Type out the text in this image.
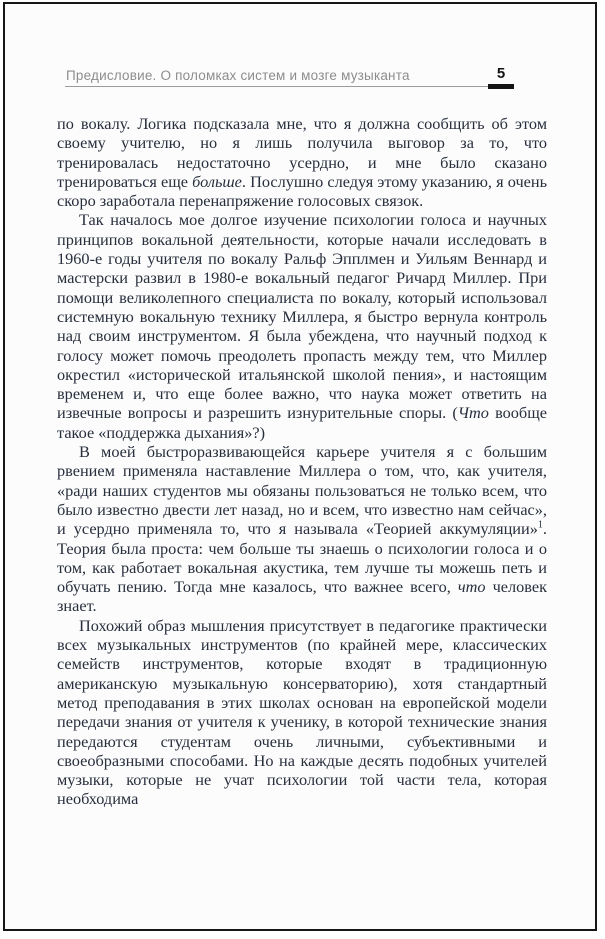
Предисловие. О поломках систем и мозге музыканта	5

по вокалу. Логика подсказала мне, что я должна сообщить об этом своему учителю, но я лишь получила выговор за то, что тренировалась недостаточно усердно, и мне было сказано тренироваться еще больше. Послушно следуя этому указанию, я очень скоро заработала перенапряжение голосовых связок.

Так началось мое долгое изучение психологии голоса и научных принципов вокальной деятельности, которые начали исследовать в 1960-е годы учителя по вокалу Ральф Эпплмен и Уильям Веннард и мастерски развил в 1980-е вокальный педагог Ричард Миллер. При помощи великолепного специалиста по вокалу, который использовал системную вокальную технику Миллера, я быстро вернула контроль над своим инструментом. Я была убеждена, что научный подход к голосу может помочь преодолеть пропасть между тем, что Миллер окрестил «исторической итальянской школой пения», и настоящим временем и, что еще более важно, что наука может ответить на извечные вопросы и разрешить изнурительные споры. (Что вообще такое «поддержка дыхания»?)

В моей быстроразвивающейся карьере учителя я с большим рвением применяла наставление Миллера о том, что, как учителя, «ради наших студентов мы обязаны пользоваться не только всем, что было известно двести лет назад, но и всем, что известно нам сейчас», и усердно применяла то, что я называла «Теорией аккумуляции»$^1$. Теория была проста: чем больше ты знаешь о психологии голоса и о том, как работает вокальная акустика, тем лучше ты можешь петь и обучать пению. Тогда мне казалось, что важнее всего, что человек знает.

Похожий образ мышления присутствует в педагогике практически всех музыкальных инструментов (по крайней мере, классических семейств инструментов, которые входят в традиционную американскую музыкальную консерваторию), хотя стандартный метод преподавания в этих школах основан на европейской модели передачи знания от учителя к ученику, в которой технические знания передаются студентам очень личными, субъективными и своеобразными способами. Но на каждые десять подобных учителей музыки, которые не учат психологии той части тела, которая необходима
